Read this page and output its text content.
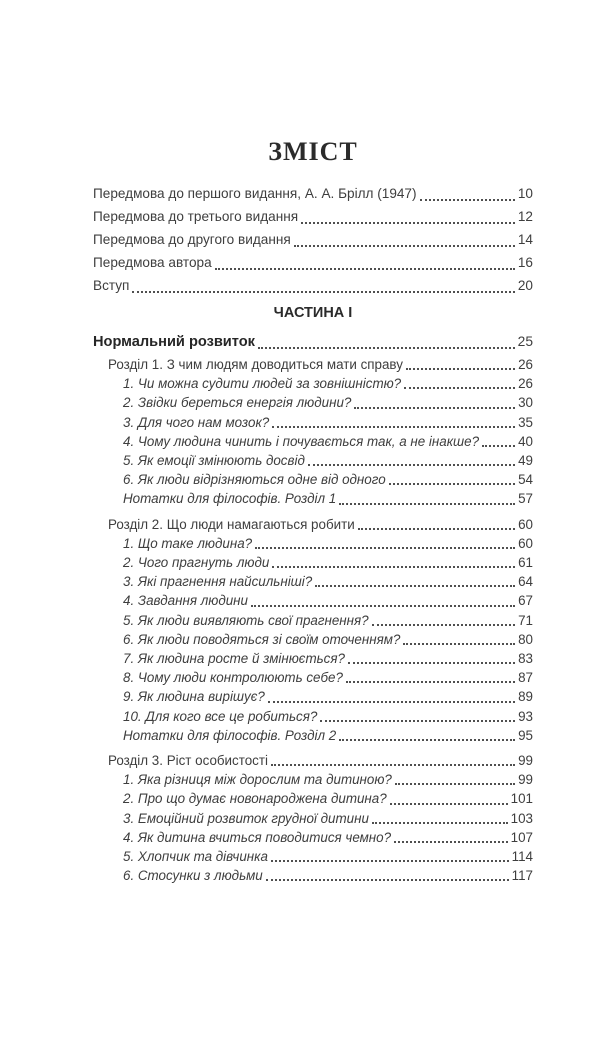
ЗМІСТ
Передмова до першого видання, А. А. Брілл (1947)	10
Передмова до третього видання	12
Передмова до другого видання	14
Передмова автора	16
Вступ	20
ЧАСТИНА I
Нормальний розвиток	25
Розділ 1. З чим людям доводиться мати справу	26
1. Чи можна судити людей за зовнішністю?	26
2. Звідки береться енергія людини?	30
3. Для чого нам мозок?	35
4. Чому людина чинить і почувається так, а не інакше?	40
5. Як емоції змінюють досвід	49
6. Як люди відрізняються одне від одного	54
Нотатки для філософів. Розділ 1	57
Розділ 2. Що люди намагаються робити	60
1. Що таке людина?	60
2. Чого прагнуть люди	61
3. Які прагнення найсильніші?	64
4. Завдання людини	67
5. Як люди виявляють свої прагнення?	71
6. Як люди поводяться зі своїм оточенням?	80
7. Як людина росте й змінюється?	83
8. Чому люди контролюють себе?	87
9. Як людина вирішує?	89
10. Для кого все це робиться?	93
Нотатки для філософів. Розділ 2	95
Розділ 3. Ріст особистості	99
1. Яка різниця між дорослим та дитиною?	99
2. Про що думає новонароджена дитина?	101
3. Емоційний розвиток грудної дитини	103
4. Як дитина вчиться поводитися чемно?	107
5. Хлопчик та дівчинка	114
6. Стосунки з людьми	117
